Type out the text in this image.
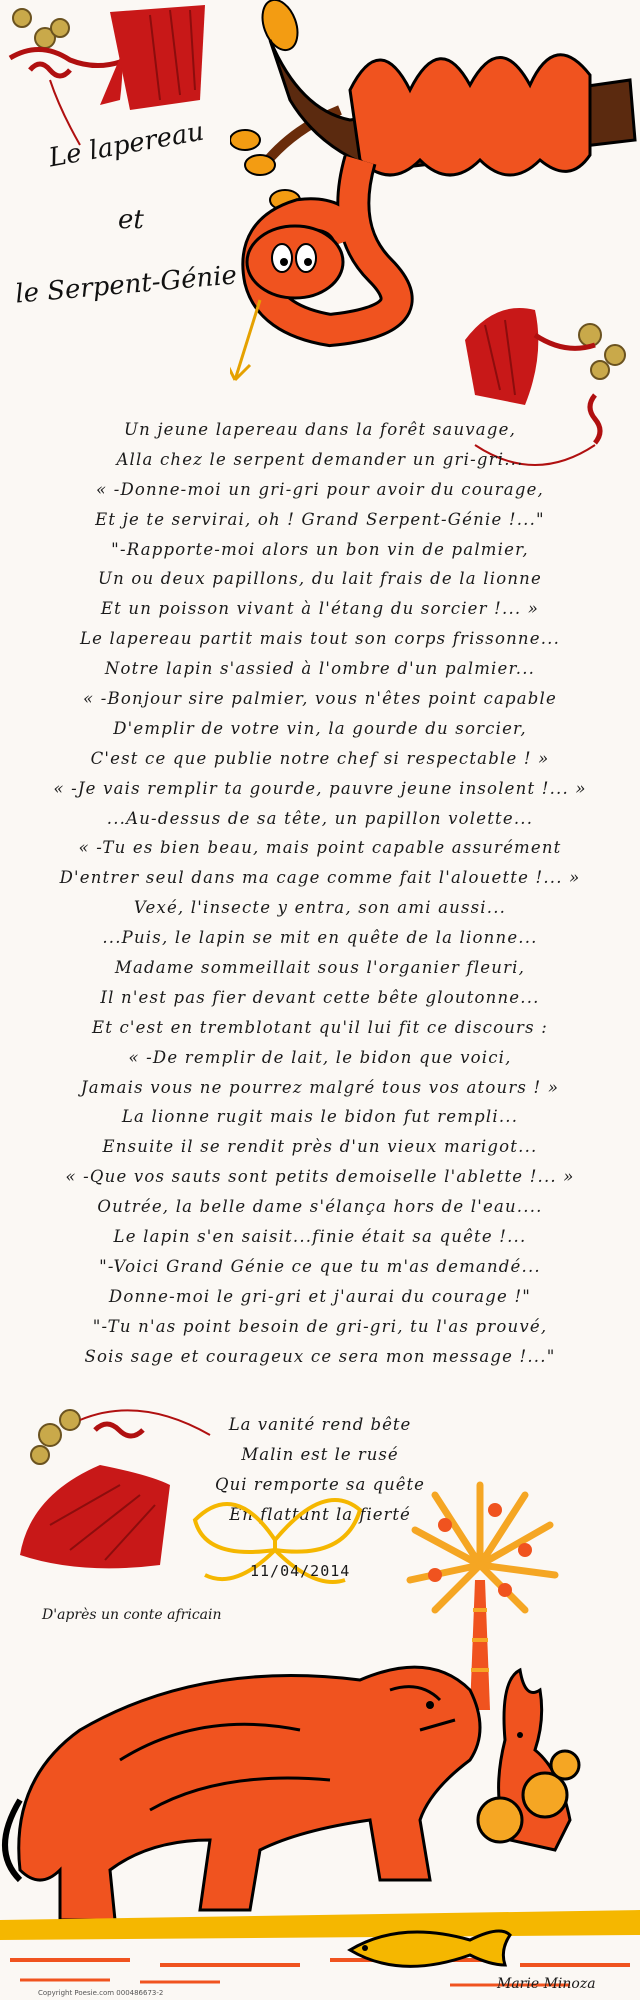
Le lapereau
et
le Serpent-Génie
Un jeune lapereau dans la forêt sauvage,
Alla chez le serpent demander un gri-gri...
« -Donne-moi un gri-gri pour avoir du courage,
Et je te servirai, oh ! Grand Serpent-Génie !..."
"-Rapporte-moi alors un bon vin de palmier,
Un ou deux papillons, du lait frais de la lionne
Et un poisson vivant à l'étang du sorcier !... »
Le lapereau partit mais tout son corps frissonne...
Notre lapin s'assied à l'ombre d'un palmier...
« -Bonjour sire palmier, vous n'êtes point capable
D'emplir de votre vin, la gourde du sorcier,
C'est ce que publie notre chef si respectable ! »
« -Je vais remplir ta gourde, pauvre jeune insolent !... »
...Au-dessus de sa tête, un papillon volette...
« -Tu es bien beau, mais point capable assurément
D'entrer seul dans ma cage comme fait l'alouette !... »
Vexé, l'insecte y entra, son ami aussi...
...Puis, le lapin se mit en quête de la lionne...
Madame sommeillait sous l'organier fleuri,
Il n'est pas fier devant cette bête gloutonne...
Et c'est en tremblotant qu'il lui fit ce discours :
« -De remplir de lait, le bidon que voici,
Jamais vous ne pourrez malgré tous vos atours ! »
La lionne rugit mais le bidon fut rempli...
Ensuite il se rendit près d'un vieux marigot...
« -Que vos sauts sont petits demoiselle l'ablette !... »
Outrée, la belle dame s'élança hors de l'eau....
Le lapin s'en saisit...finie était sa quête !...
"-Voici Grand Génie ce que tu m'as demandé...
Donne-moi le gri-gri et j'aurai du courage !"
"-Tu n'as point besoin de gri-gri, tu l'as prouvé,
Sois sage et courageux ce sera mon message !..."
La vanité rend bête
Malin est le rusé
Qui remporte sa quête
En flattant la fierté
11/04/2014
D'après un conte africain
Marie Minoza
Copyright Poesie.com 000486673-2
